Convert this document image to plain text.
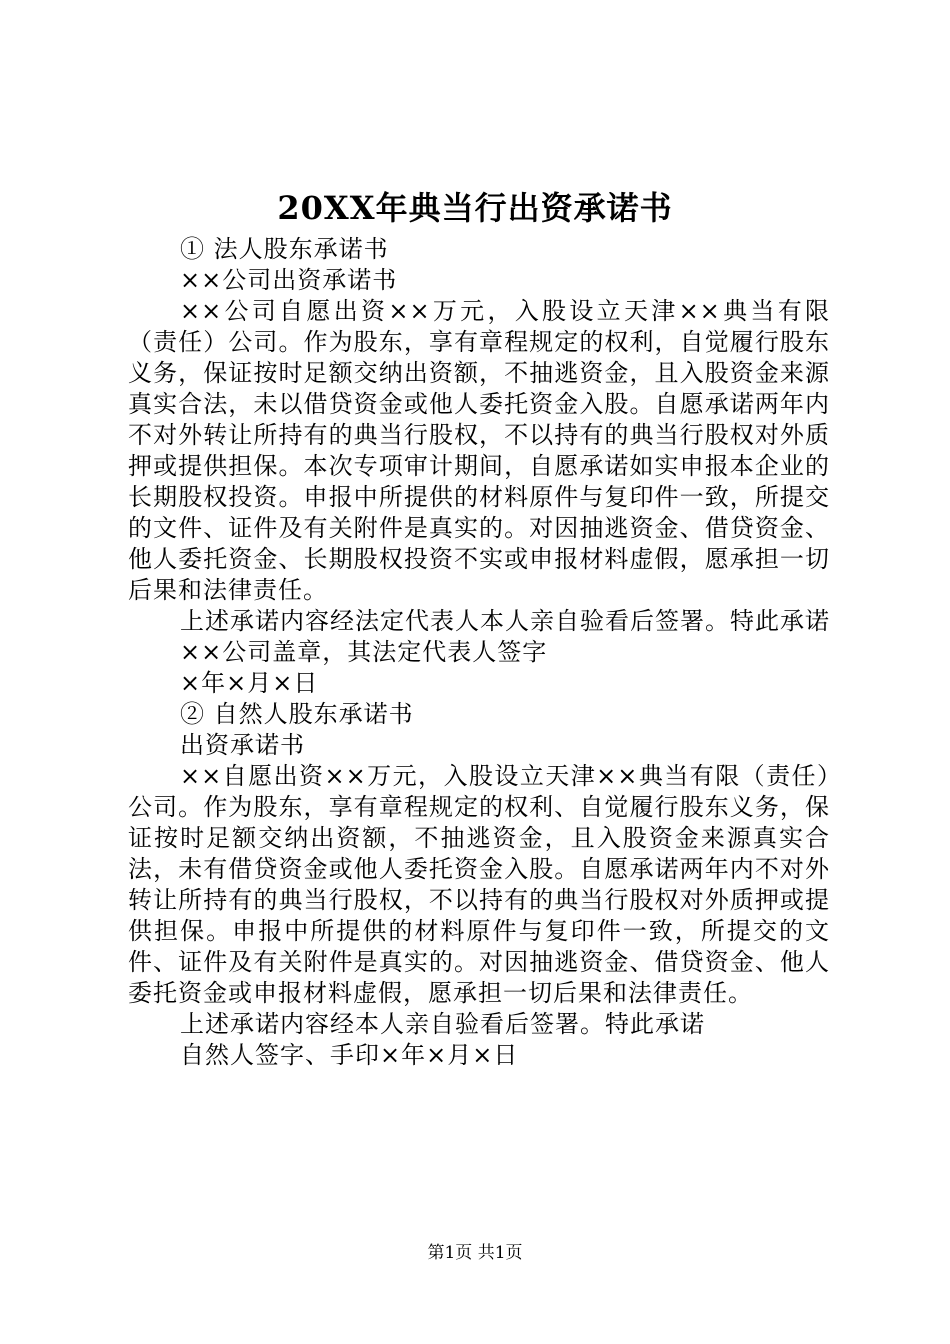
20XX年典当行出资承诺书

① 法人股东承诺书

××公司出资承诺书

××公司自愿出资××万元，入股设立天津××典当有限（责任）公司。作为股东，享有章程规定的权利，自觉履行股东义务，保证按时足额交纳出资额，不抽逃资金，且入股资金来源真实合法，未以借贷资金或他人委托资金入股。自愿承诺两年内不对外转让所持有的典当行股权，不以持有的典当行股权对外质押或提供担保。本次专项审计期间，自愿承诺如实申报本企业的长期股权投资。申报中所提供的材料原件与复印件一致，所提交的文件、证件及有关附件是真实的。对因抽逃资金、借贷资金、他人委托资金、长期股权投资不实或申报材料虚假，愿承担一切后果和法律责任。

上述承诺内容经法定代表人本人亲自验看后签署。特此承诺

××公司盖章，其法定代表人签字

×年×月×日

② 自然人股东承诺书

出资承诺书

××自愿出资××万元，入股设立天津××典当有限（责任）公司。作为股东，享有章程规定的权利、自觉履行股东义务，保证按时足额交纳出资额，不抽逃资金，且入股资金来源真实合法，未有借贷资金或他人委托资金入股。自愿承诺两年内不对外转让所持有的典当行股权，不以持有的典当行股权对外质押或提供担保。申报中所提供的材料原件与复印件一致，所提交的文件、证件及有关附件是真实的。对因抽逃资金、借贷资金、他人委托资金或申报材料虚假，愿承担一切后果和法律责任。

上述承诺内容经本人亲自验看后签署。特此承诺

自然人签字、手印×年×月×日

第1页 共1页
